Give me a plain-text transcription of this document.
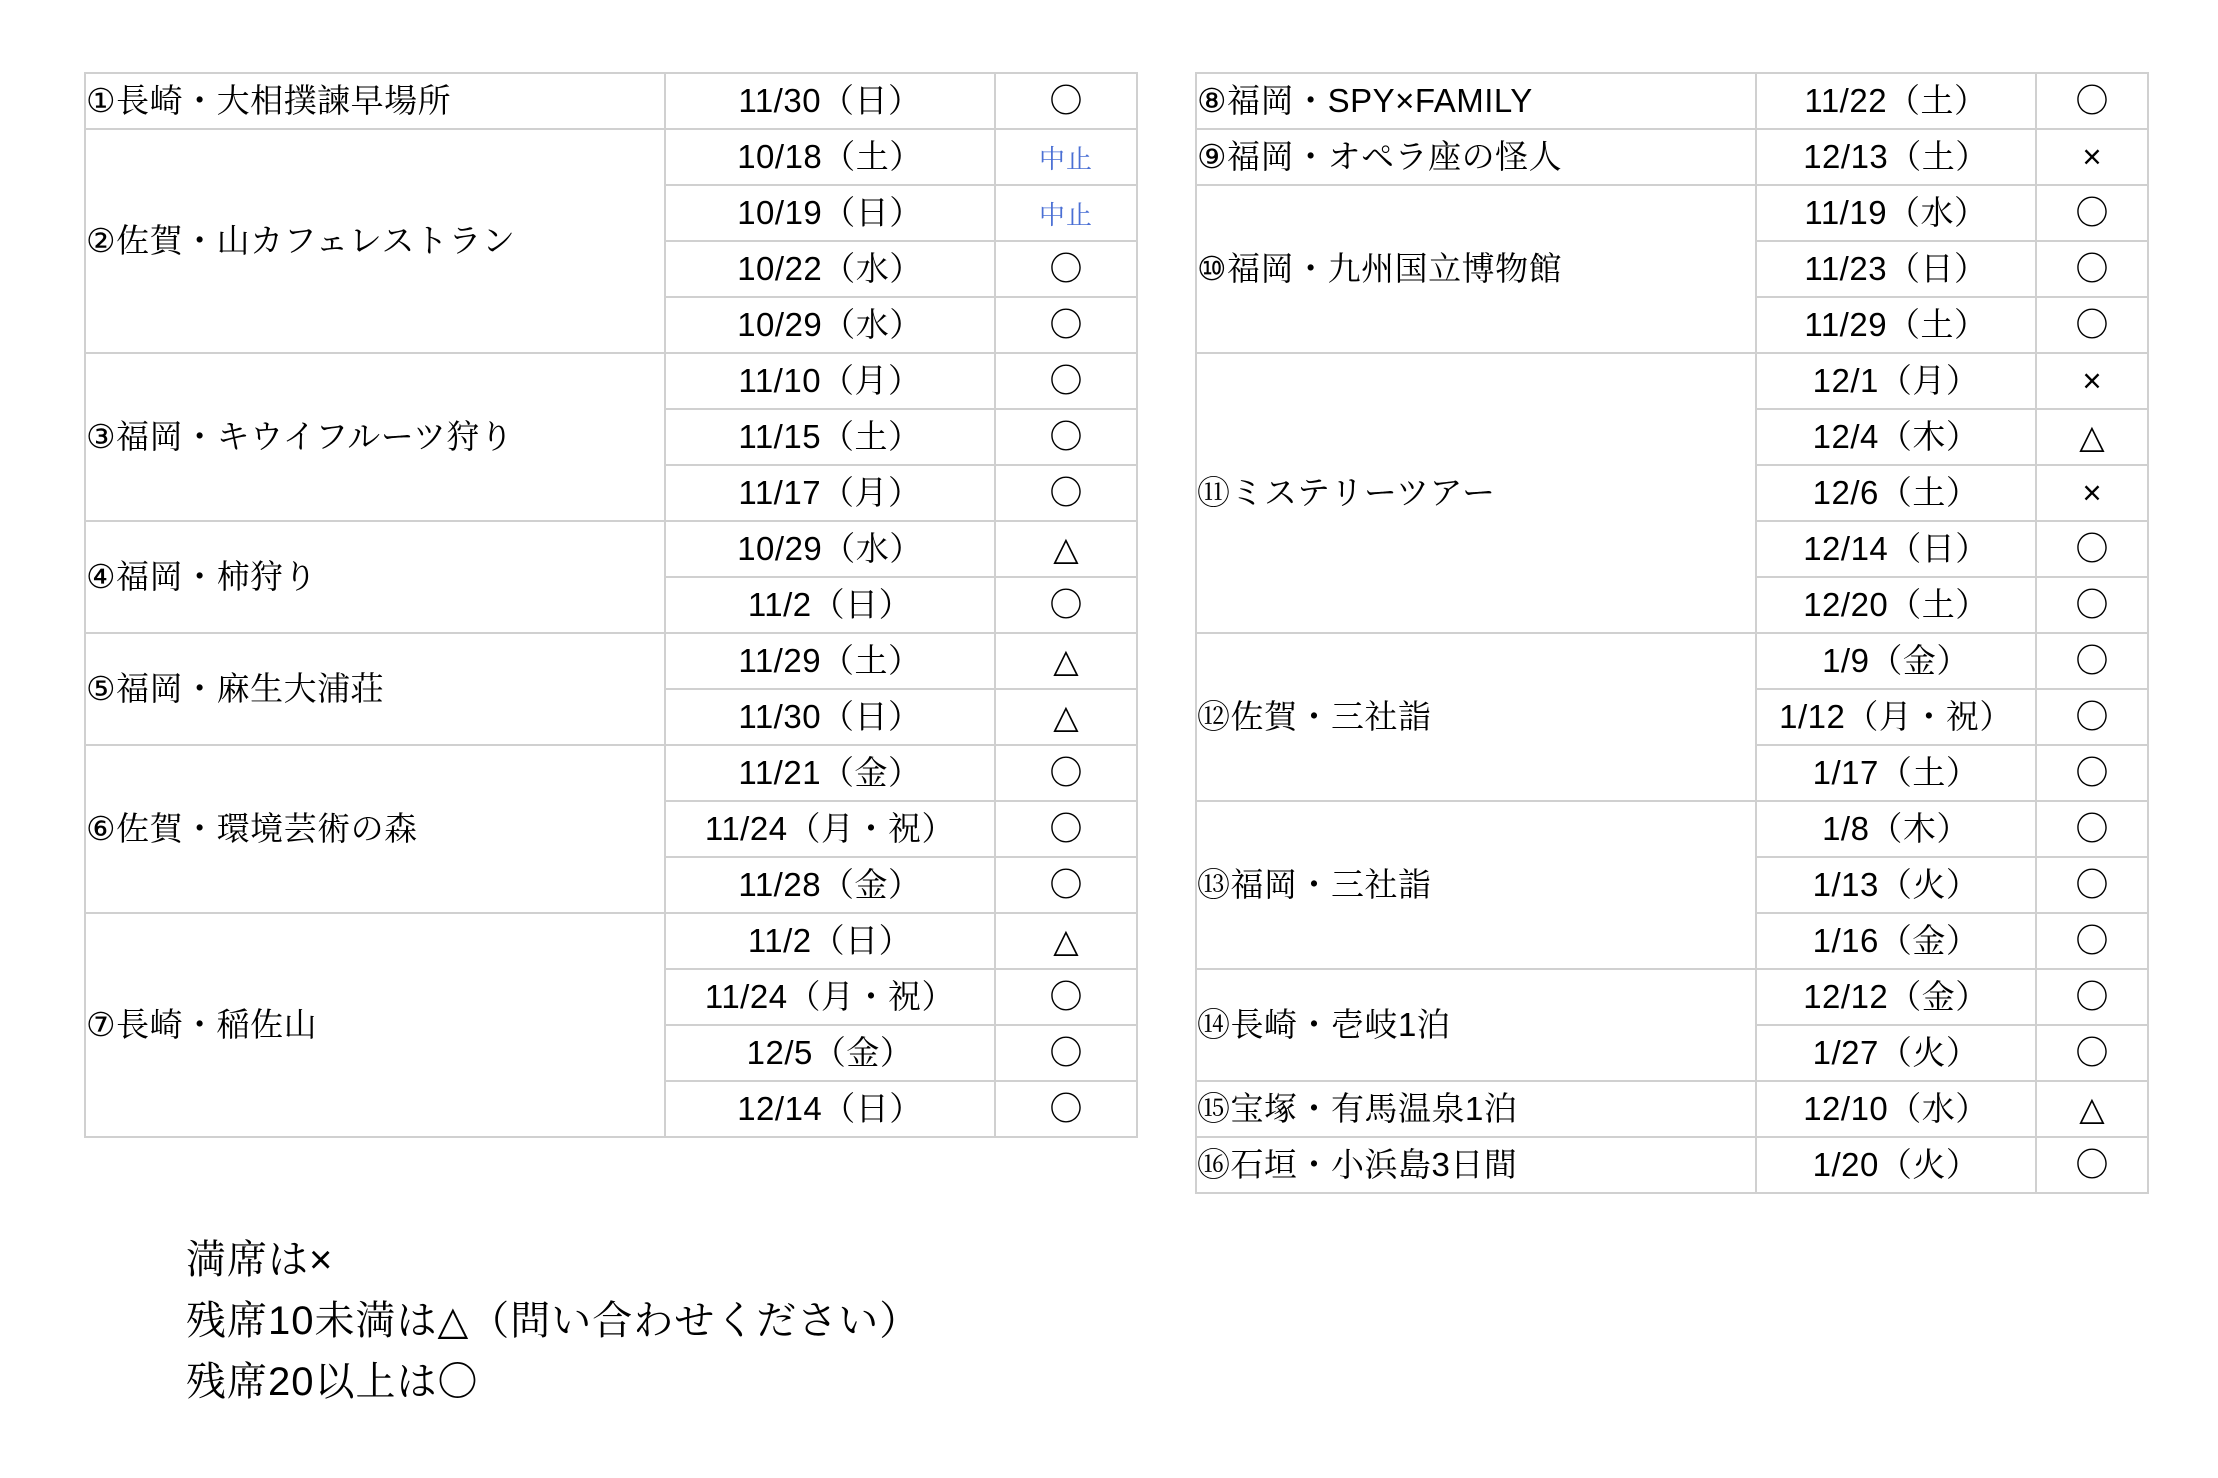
①長崎・大相撲諫早場所	11/30（日）	〇
②佐賀・山カフェレストラン	10/18（土）	中止
	10/19（日）	中止
	10/22（水）	〇
	10/29（水）	〇
③福岡・キウイフルーツ狩り	11/10（月）	〇
	11/15（土）	〇
	11/17（月）	〇
④福岡・柿狩り	10/29（水）	△
	11/2（日）	〇
⑤福岡・麻生大浦荘	11/29（土）	△
	11/30（日）	△
⑥佐賀・環境芸術の森	11/21（金）	〇
	11/24（月・祝）	〇
	11/28（金）	〇
⑦長崎・稲佐山	11/2（日）	△
	11/24（月・祝）	〇
	12/5（金）	〇
	12/14（日）	〇
⑧福岡・SPY×FAMILY	11/22（土）	〇
⑨福岡・オペラ座の怪人	12/13（土）	×
⑩福岡・九州国立博物館	11/19（水）	〇
	11/23（日）	〇
	11/29（土）	〇
⑪ミステリーツアー	12/1（月）	×
	12/4（木）	△
	12/6（土）	×
	12/14（日）	〇
	12/20（土）	〇
⑫佐賀・三社詣	1/9（金）	〇
	1/12（月・祝）	〇
	1/17（土）	〇
⑬福岡・三社詣	1/8（木）	〇
	1/13（火）	〇
	1/16（金）	〇
⑭長崎・壱岐1泊	12/12（金）	〇
	1/27（火）	〇
⑮宝塚・有馬温泉1泊	12/10（水）	△
⑯石垣・小浜島3日間	1/20（火）	〇
満席は×
残席10未満は△（問い合わせください）
残席20以上は〇
